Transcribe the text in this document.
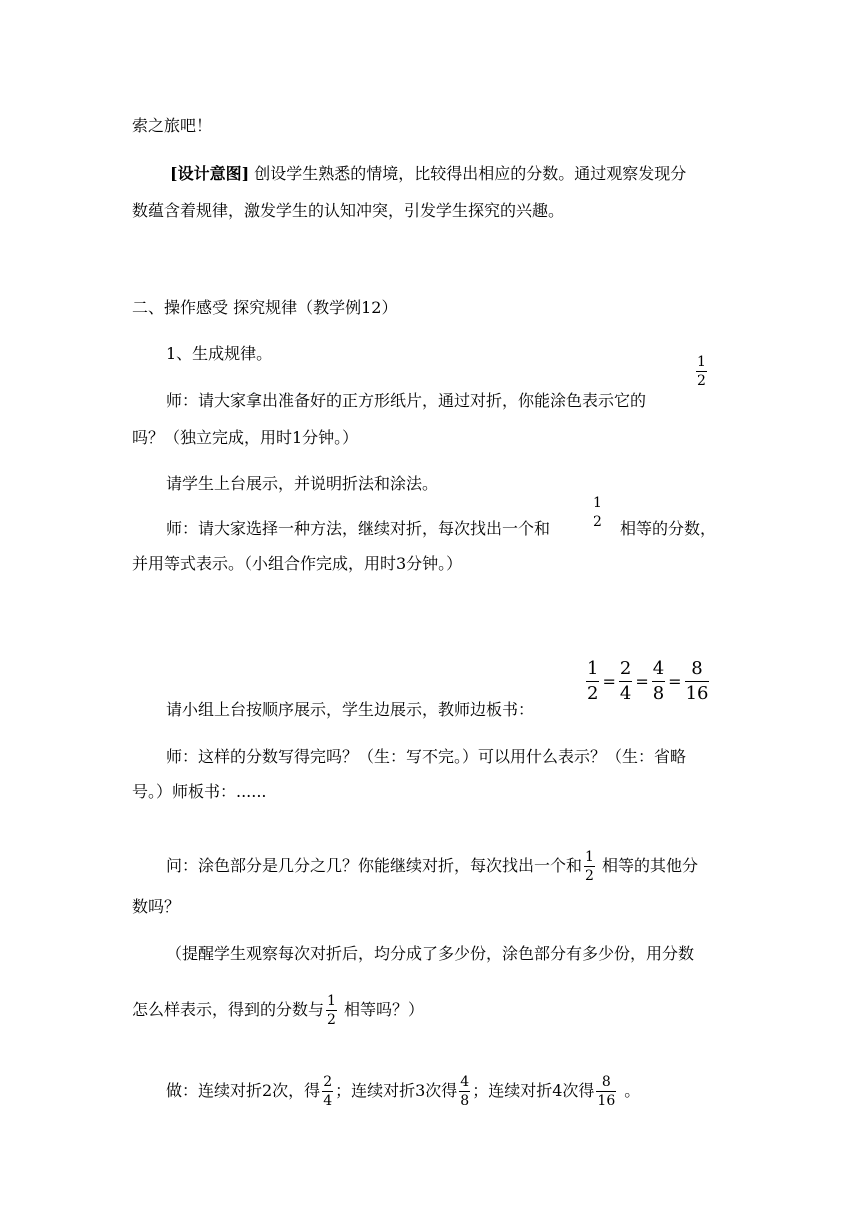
索之旅吧！
[设计意图] 创设学生熟悉的情境，比较得出相应的分数。通过观察发现分
数蕴含着规律，激发学生的认知冲突，引发学生探究的兴趣。
二、操作感受 探究规律（教学例12）
1、生成规律。
$\frac{1}{2}$
师：请大家拿出准备好的正方形纸片，通过对折，你能涂色表示它的
吗？（独立完成，用时1分钟。）
请学生上台展示，并说明折法和涂法。
师：请大家选择一种方法，继续对折，每次找出一个和
1
2 相等的分数，
并用等式表示。（小组合作完成，用时3分钟。）
请小组上台按顺序展示，学生边展示，教师边板书：
$\frac{1}{2} = \frac{2}{4} = \frac{4}{8} = \frac{8}{16}$
师：这样的分数写得完吗？（生：写不完。）可以用什么表示？（生：省略
号。）师板书：......
问：涂色部分是几分之几？你能继续对折，每次找出一个和 $\frac{1}{2}$ 相等的其他分
数吗？
（提醒学生观察每次对折后，均分成了多少份，涂色部分有多少份，用分数
怎么样表示，得到的分数与 $\frac{1}{2}$ 相等吗？）
做：连续对折2次，得 $\frac{2}{4}$ ；连续对折3次得 $\frac{4}{8}$ ；连续对折4次得 $\frac{8}{16}$ 。
